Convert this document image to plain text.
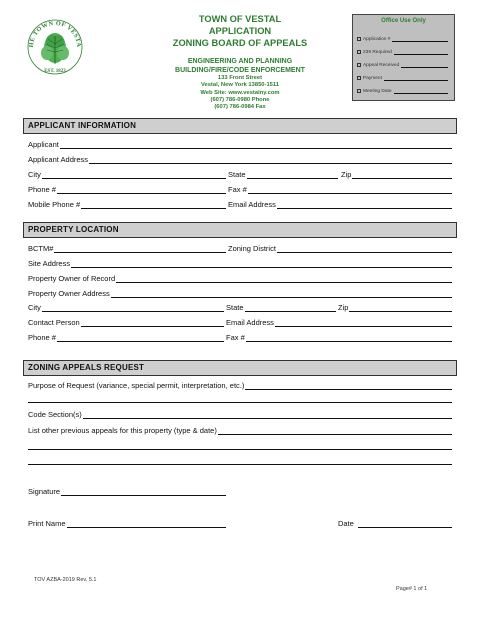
HE TOWN OF VESTA
EST. 1823
TOWN OF VESTAL
APPLICATION
ZONING BOARD OF APPEALS
ENGINEERING AND PLANNING
BUILDING/FIRE/CODE ENFORCEMENT
133 Front Street
Vestal, New York 13850-1511
Web Site: www.vestalny.com
(607) 786-0980 Phone
(607) 786-0984 Fax
Office Use Only
Application #
239 Required
Appeal Received
Payment
Meeting Date
APPLICANT INFORMATION
Applicant
Applicant Address
City	State	Zip
Phone #	Fax #
Mobile Phone #	Email Address
PROPERTY LOCATION
BCTM#	Zoning District
Site Address
Property Owner of Record
Property Owner Address
City	State	Zip
Contact Person	Email Address
Phone #	Fax #
ZONING APPEALS REQUEST
Purpose of Request (variance, special permit, interpretation, etc.)
Code Section(s)
List other previous appeals for this property (type & date)
Signature
Print Name	Date
TOV AZBA-2019 Rev. 5.1
Page# 1 of 1
